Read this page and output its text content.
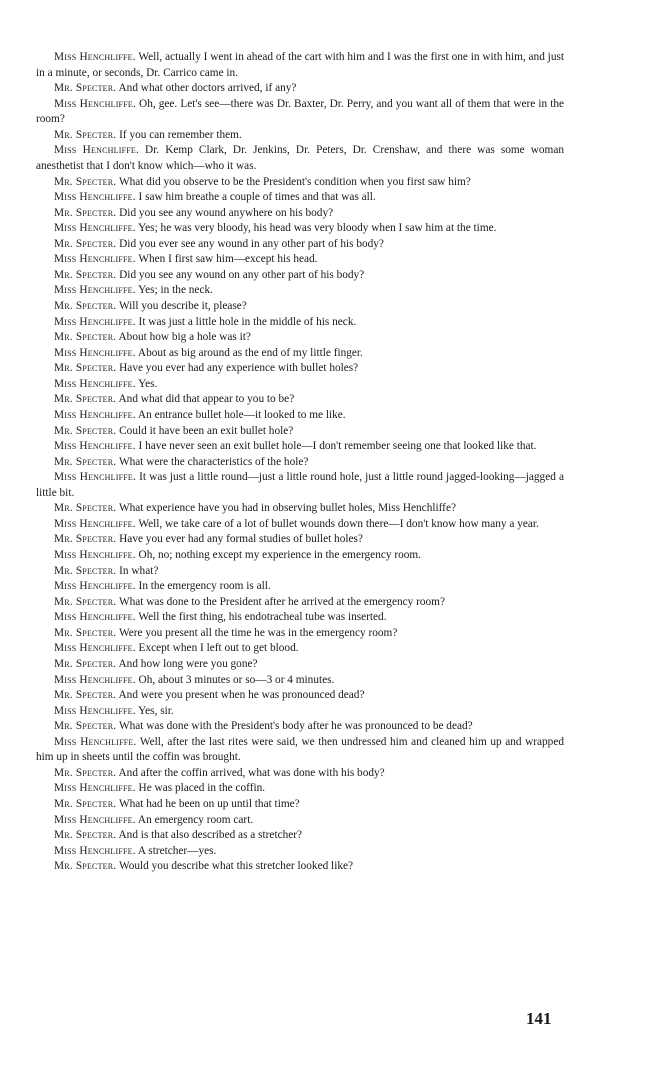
Miss Henchliffe. Well, actually I went in ahead of the cart with him and I was the first one in with him, and just in a minute, or seconds, Dr. Carrico came in.

Mr. Specter. And what other doctors arrived, if any?

Miss Henchliffe. Oh, gee. Let's see—there was Dr. Baxter, Dr. Perry, and you want all of them that were in the room?

Mr. Specter. If you can remember them.

Miss Henchliffe. Dr. Kemp Clark, Dr. Jenkins, Dr. Peters, Dr. Crenshaw, and there was some woman anesthetist that I don't know which—who it was.

Mr. Specter. What did you observe to be the President's condition when you first saw him?

Miss Henchliffe. I saw him breathe a couple of times and that was all.

Mr. Specter. Did you see any wound anywhere on his body?

Miss Henchliffe. Yes; he was very bloody, his head was very bloody when I saw him at the time.

Mr. Specter. Did you ever see any wound in any other part of his body?

Miss Henchliffe. When I first saw him—except his head.

Mr. Specter. Did you see any wound on any other part of his body?

Miss Henchliffe. Yes; in the neck.

Mr. Specter. Will you describe it, please?

Miss Henchliffe. It was just a little hole in the middle of his neck.

Mr. Specter. About how big a hole was it?

Miss Henchliffe. About as big around as the end of my little finger.

Mr. Specter. Have you ever had any experience with bullet holes?

Miss Henchliffe. Yes.

Mr. Specter. And what did that appear to you to be?

Miss Henchliffe. An entrance bullet hole—it looked to me like.

Mr. Specter. Could it have been an exit bullet hole?

Miss Henchliffe. I have never seen an exit bullet hole—I don't remember seeing one that looked like that.

Mr. Specter. What were the characteristics of the hole?

Miss Henchliffe. It was just a little round—just a little round hole, just a little round jagged-looking—jagged a little bit.

Mr. Specter. What experience have you had in observing bullet holes, Miss Henchliffe?

Miss Henchliffe. Well, we take care of a lot of bullet wounds down there—I don't know how many a year.

Mr. Specter. Have you ever had any formal studies of bullet holes?

Miss Henchliffe. Oh, no; nothing except my experience in the emergency room.

Mr. Specter. In what?

Miss Henchliffe. In the emergency room is all.

Mr. Specter. What was done to the President after he arrived at the emergency room?

Miss Henchliffe. Well the first thing, his endotracheal tube was inserted.

Mr. Specter. Were you present all the time he was in the emergency room?

Miss Henchliffe. Except when I left out to get blood.

Mr. Specter. And how long were you gone?

Miss Henchliffe. Oh, about 3 minutes or so—3 or 4 minutes.

Mr. Specter. And were you present when he was pronounced dead?

Miss Henchliffe. Yes, sir.

Mr. Specter. What was done with the President's body after he was pronounced to be dead?

Miss Henchliffe. Well, after the last rites were said, we then undressed him and cleaned him up and wrapped him up in sheets until the coffin was brought.

Mr. Specter. And after the coffin arrived, what was done with his body?

Miss Henchliffe. He was placed in the coffin.

Mr. Specter. What had he been on up until that time?

Miss Henchliffe. An emergency room cart.

Mr. Specter. And is that also described as a stretcher?

Miss Henchliffe. A stretcher—yes.

Mr. Specter. Would you describe what this stretcher looked like?

141
